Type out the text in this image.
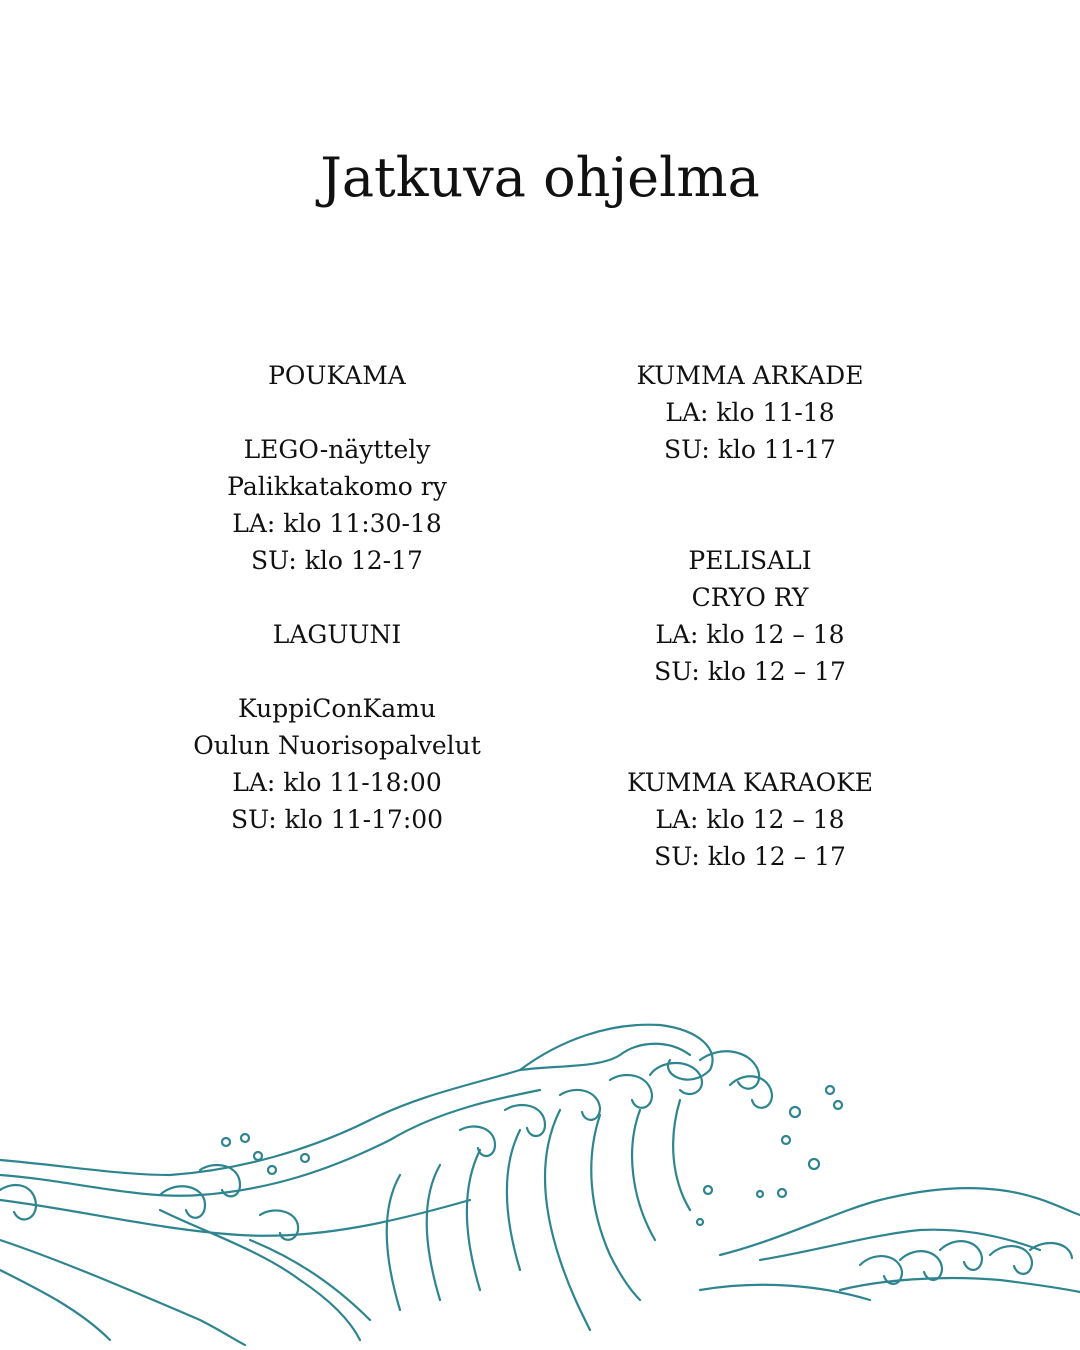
Jatkuva ohjelma
POUKAMA
LEGO-näyttely
Palikkatakomo ry
LA: klo 11:30-18
SU: klo 12-17
LAGUUNI
KuppiConKamu
Oulun Nuorisopalvelut
LA: klo 11-18:00
SU: klo 11-17:00
KUMMA ARKADE
LA: klo 11-18
SU: klo 11-17
PELISALI
CRYO RY
LA: klo 12 – 18
SU: klo 12 – 17
KUMMA KARAOKE
LA: klo 12 – 18
SU: klo 12 – 17
